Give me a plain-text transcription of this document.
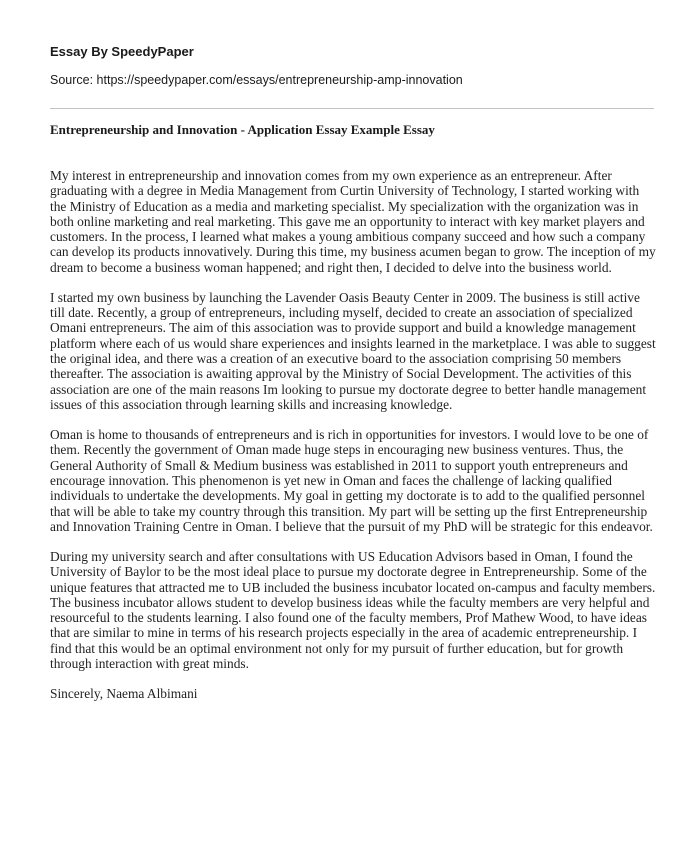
Essay By SpeedyPaper

Source: https://speedypaper.com/essays/entrepreneurship-amp-innovation

Entrepreneurship and Innovation - Application Essay Example Essay

My interest in entrepreneurship and innovation comes from my own experience as an entrepreneur. After graduating with a degree in Media Management from Curtin University of Technology, I started working with the Ministry of Education as a media and marketing specialist. My specialization with the organization was in both online marketing and real marketing. This gave me an opportunity to interact with key market players and customers. In the process, I learned what makes a young ambitious company succeed and how such a company can develop its products innovatively. During this time, my business acumen began to grow. The inception of my dream to become a business woman happened; and right then, I decided to delve into the business world.

I started my own business by launching the Lavender Oasis Beauty Center in 2009. The business is still active till date. Recently, a group of entrepreneurs, including myself, decided to create an association of specialized Omani entrepreneurs. The aim of this association was to provide support and build a knowledge management platform where each of us would share experiences and insights learned in the marketplace. I was able to suggest the original idea, and there was a creation of an executive board to the association comprising 50 members thereafter. The association is awaiting approval by the Ministry of Social Development. The activities of this association are one of the main reasons Im looking to pursue my doctorate degree to better handle management issues of this association through learning skills and increasing knowledge.

Oman is home to thousands of entrepreneurs and is rich in opportunities for investors. I would love to be one of them. Recently the government of Oman made huge steps in encouraging new business ventures. Thus, the General Authority of Small & Medium business was established in 2011 to support youth entrepreneurs and encourage innovation. This phenomenon is yet new in Oman and faces the challenge of lacking qualified individuals to undertake the developments. My goal in getting my doctorate is to add to the qualified personnel that will be able to take my country through this transition. My part will be setting up the first Entrepreneurship and Innovation Training Centre in Oman. I believe that the pursuit of my PhD will be strategic for this endeavor.

During my university search and after consultations with US Education Advisors based in Oman, I found the University of Baylor to be the most ideal place to pursue my doctorate degree in Entrepreneurship. Some of the unique features that attracted me to UB included the business incubator located on-campus and faculty members. The business incubator allows student to develop business ideas while the faculty members are very helpful and resourceful to the students learning. I also found one of the faculty members, Prof Mathew Wood, to have ideas that are similar to mine in terms of his research projects especially in the area of academic entrepreneurship. I find that this would be an optimal environment not only for my pursuit of further education, but for growth through interaction with great minds.

Sincerely, Naema Albimani
